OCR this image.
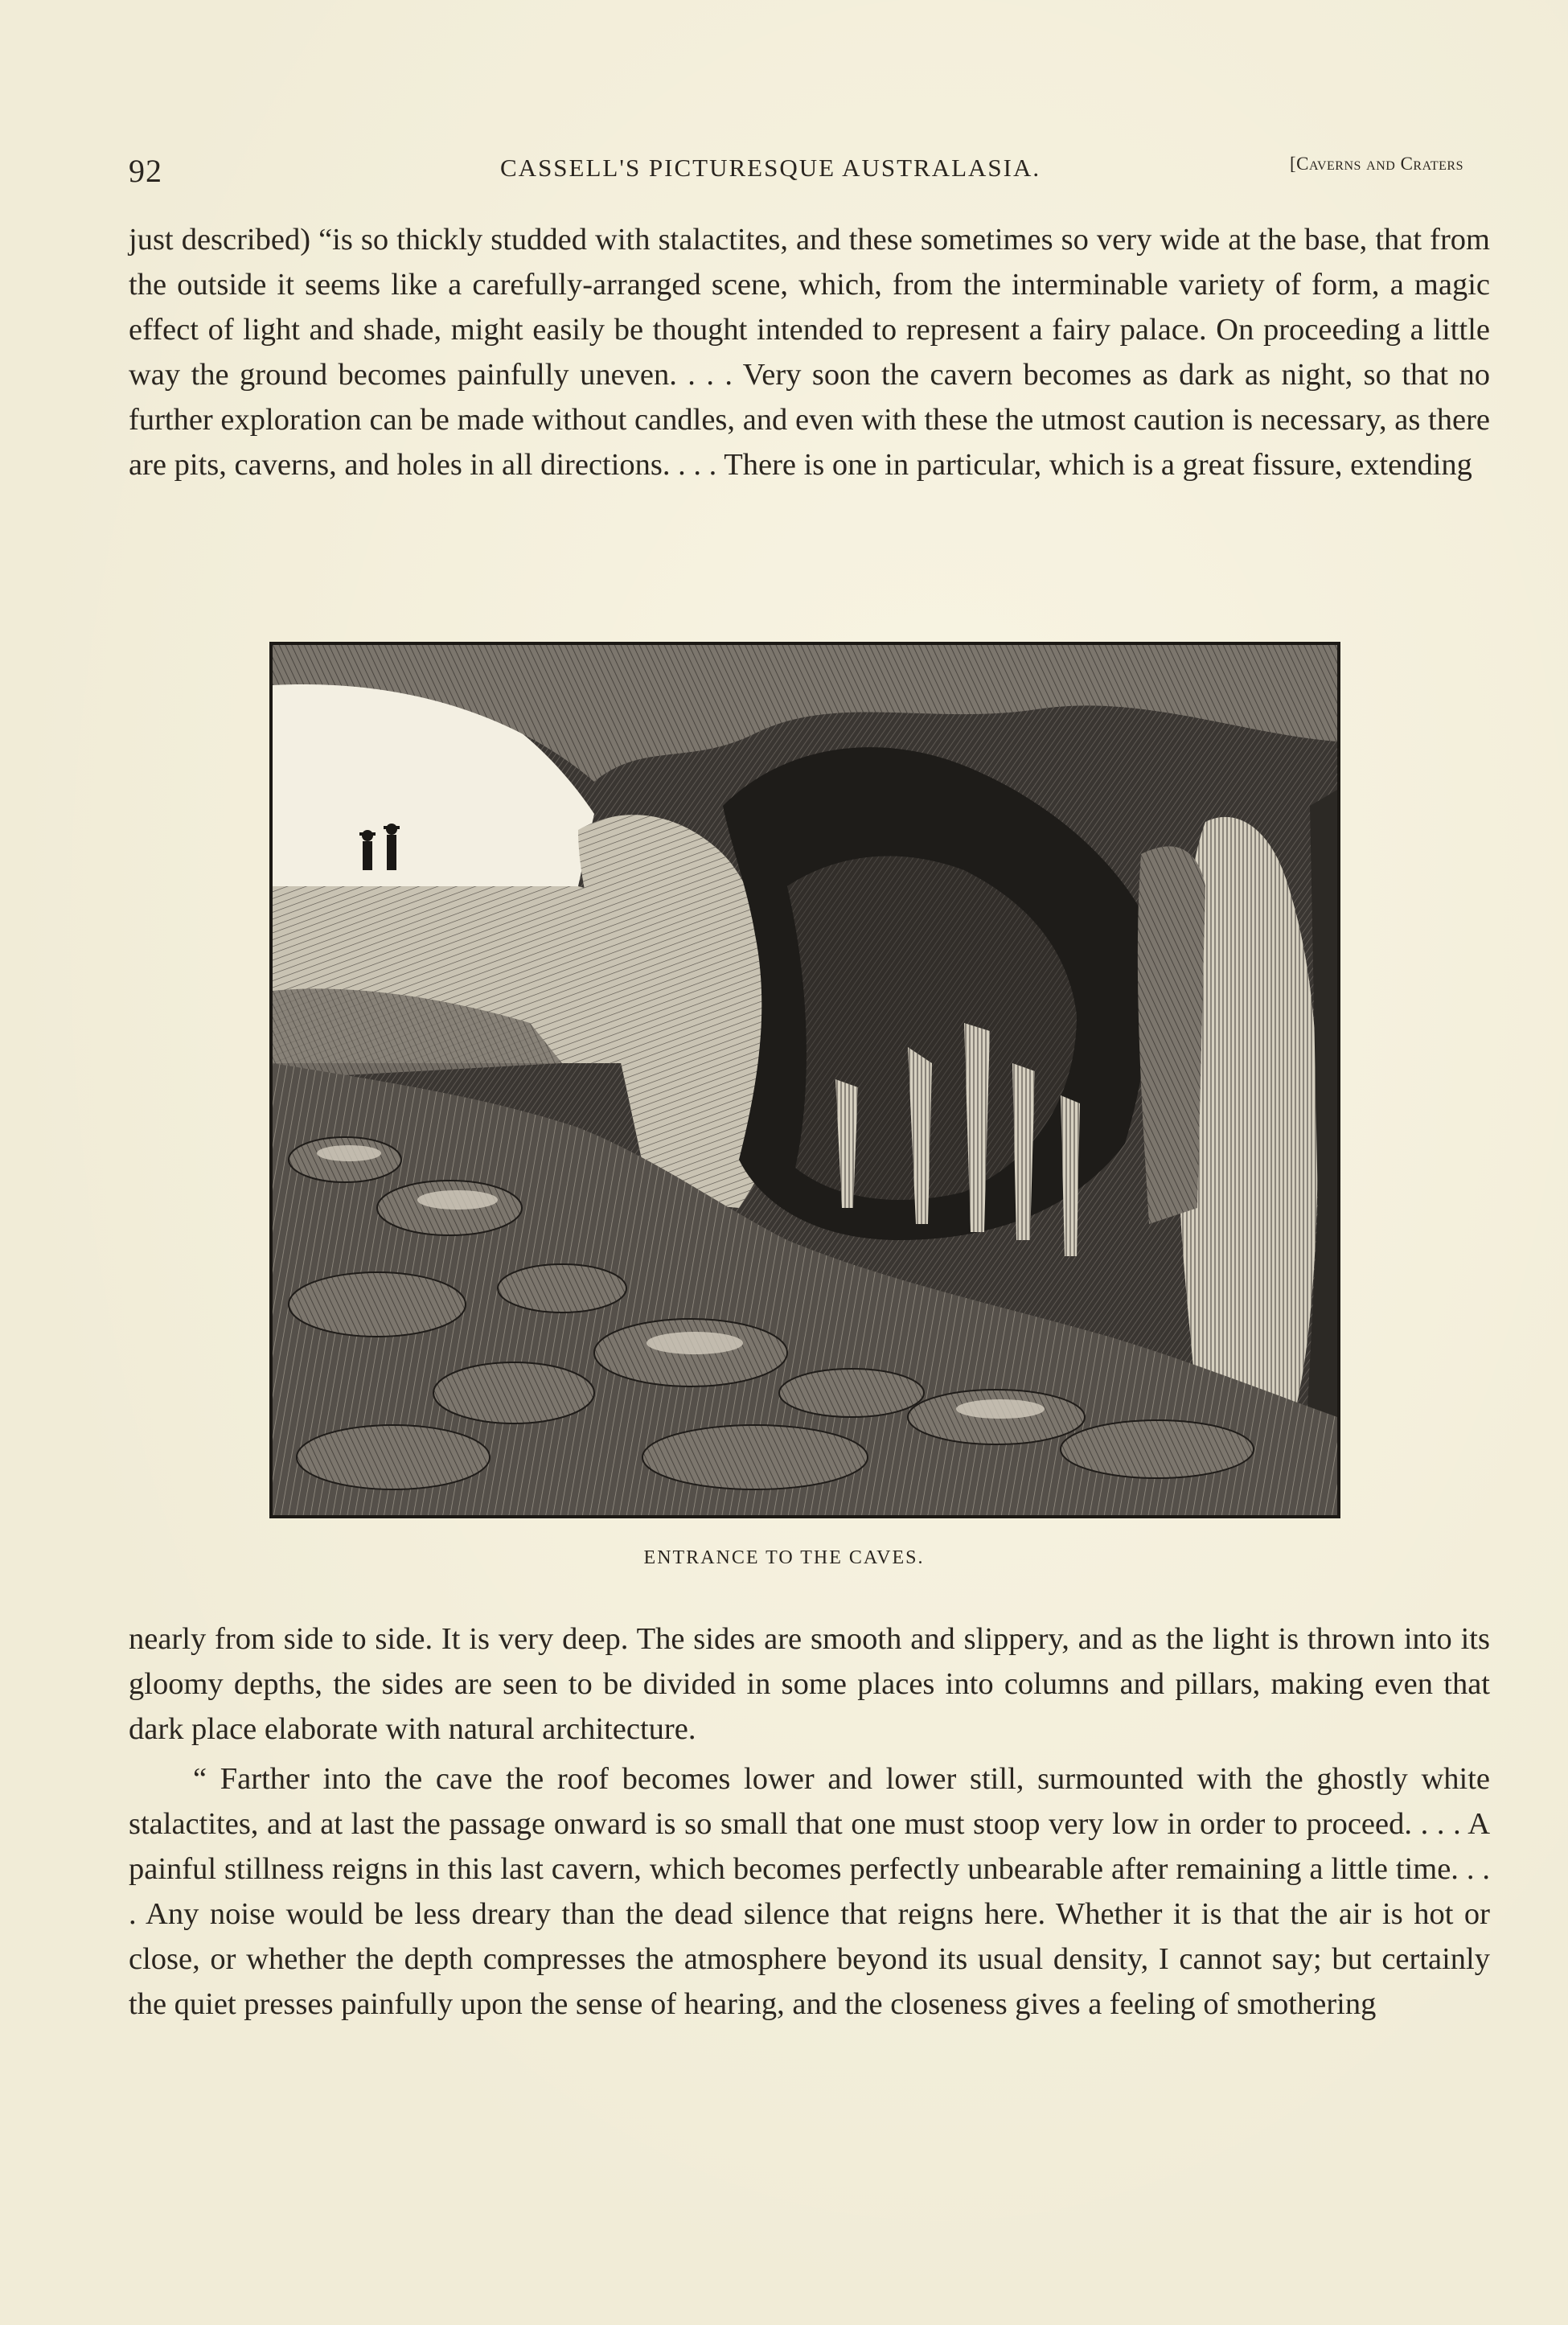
92	CASSELL'S PICTURESQUE AUSTRALASIA.	[Caverns and Craters

just described) “is so thickly studded with stalactites, and these sometimes so very wide at the base, that from the outside it seems like a carefully-arranged scene, which, from the interminable variety of form, a magic effect of light and shade, might easily be thought intended to represent a fairy palace. On proceeding a little way the ground becomes painfully uneven. . . . Very soon the cavern becomes as dark as night, so that no further exploration can be made without candles, and even with these the utmost caution is necessary, as there are pits, caverns, and holes in all directions. . . . There is one in particular, which is a great fissure, extending

ENTRANCE TO THE CAVES.

nearly from side to side. It is very deep. The sides are smooth and slippery, and as the light is thrown into its gloomy depths, the sides are seen to be divided in some places into columns and pillars, making even that dark place elaborate with natural architecture.

“ Farther into the cave the roof becomes lower and lower still, surmounted with the ghostly white stalactites, and at last the passage onward is so small that one must stoop very low in order to proceed. . . . A painful stillness reigns in this last cavern, which becomes perfectly unbearable after remaining a little time. . . . Any noise would be less dreary than the dead silence that reigns here. Whether it is that the air is hot or close, or whether the depth compresses the atmosphere beyond its usual density, I cannot say; but certainly the quiet presses painfully upon the sense of hearing, and the closeness gives a feeling of smothering
